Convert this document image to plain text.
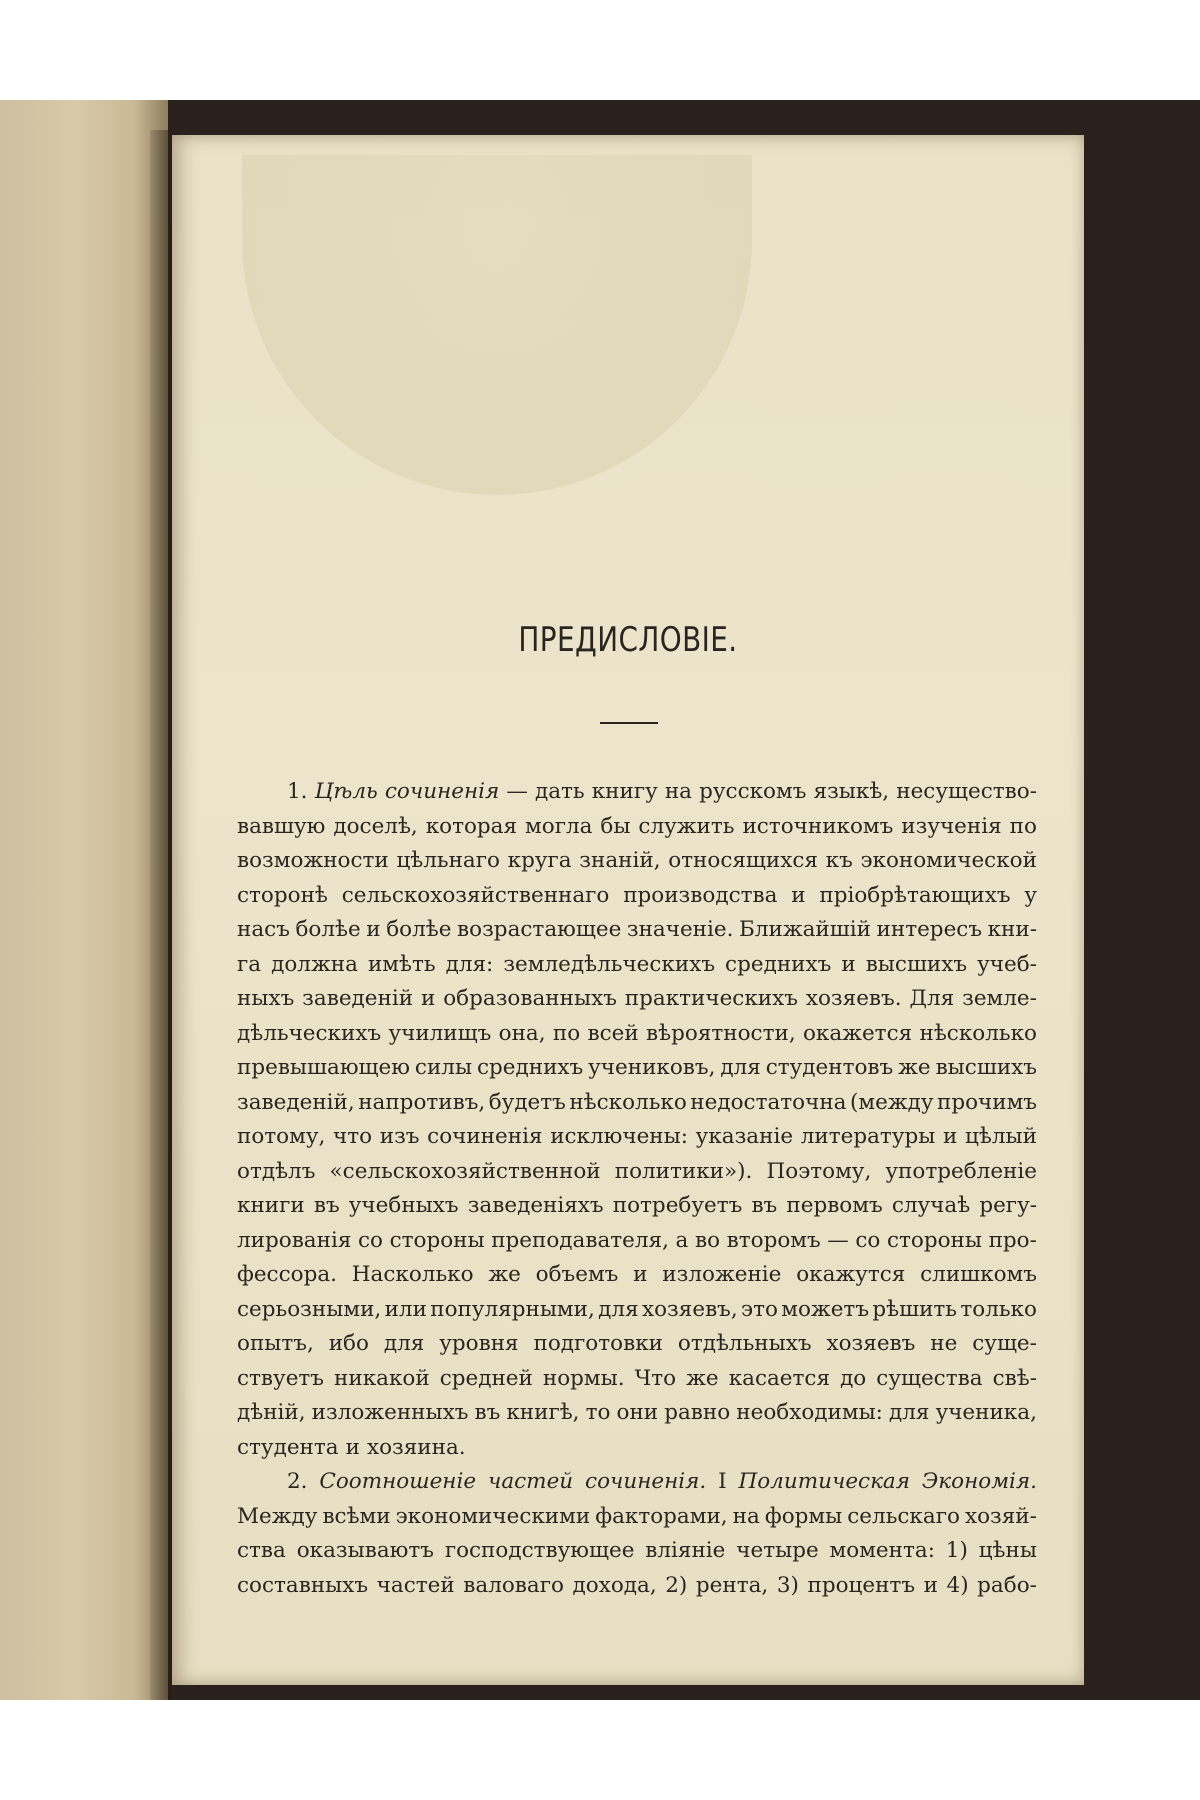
ПРЕДИСЛОВІЕ.
1. Цѣль сочиненія — дать книгу на русскомъ языкѣ, несущество-
вавшую доселѣ, которая могла бы служить источникомъ изученія по
возможности цѣльнаго круга знаній, относящихся къ экономической
сторонѣ сельскохозяйственнаго производства и пріобрѣтающихъ у
насъ болѣе и болѣе возрастающее значеніе. Ближайшій интересъ кни-
га должна имѣть для: земледѣльческихъ среднихъ и высшихъ учеб-
ныхъ заведеній и образованныхъ практическихъ хозяевъ. Для земле-
дѣльческихъ училищъ она, по всей вѣроятности, окажется нѣсколько
превышающею силы среднихъ учениковъ, для студентовъ же высшихъ
заведеній, напротивъ, будетъ нѣсколько недостаточна (между прочимъ
потому, что изъ сочиненія исключены: указаніе литературы и цѣлый
отдѣлъ «сельскохозяйственной политики»). Поэтому, употребленіе
книги въ учебныхъ заведеніяхъ потребуетъ въ первомъ случаѣ регу-
лированія со стороны преподавателя, а во второмъ — со стороны про-
фессора. Насколько же объемъ и изложеніе окажутся слишкомъ
серьозными, или популярными, для хозяевъ, это можетъ рѣшить только
опытъ, ибо для уровня подготовки отдѣльныхъ хозяевъ не суще-
ствуетъ никакой средней нормы. Что же касается до существа свѣ-
дѣній, изложенныхъ въ книгѣ, то они равно необходимы: для ученика,
студента и хозяина.
2. Соотношеніе частей сочиненія. I Политическая Экономія.
Между всѣми экономическими факторами, на формы сельскаго хозяй-
ства оказываютъ господствующее вліяніе четыре момента: 1) цѣны
составныхъ частей валоваго дохода, 2) рента, 3) процентъ и 4) рабо-
